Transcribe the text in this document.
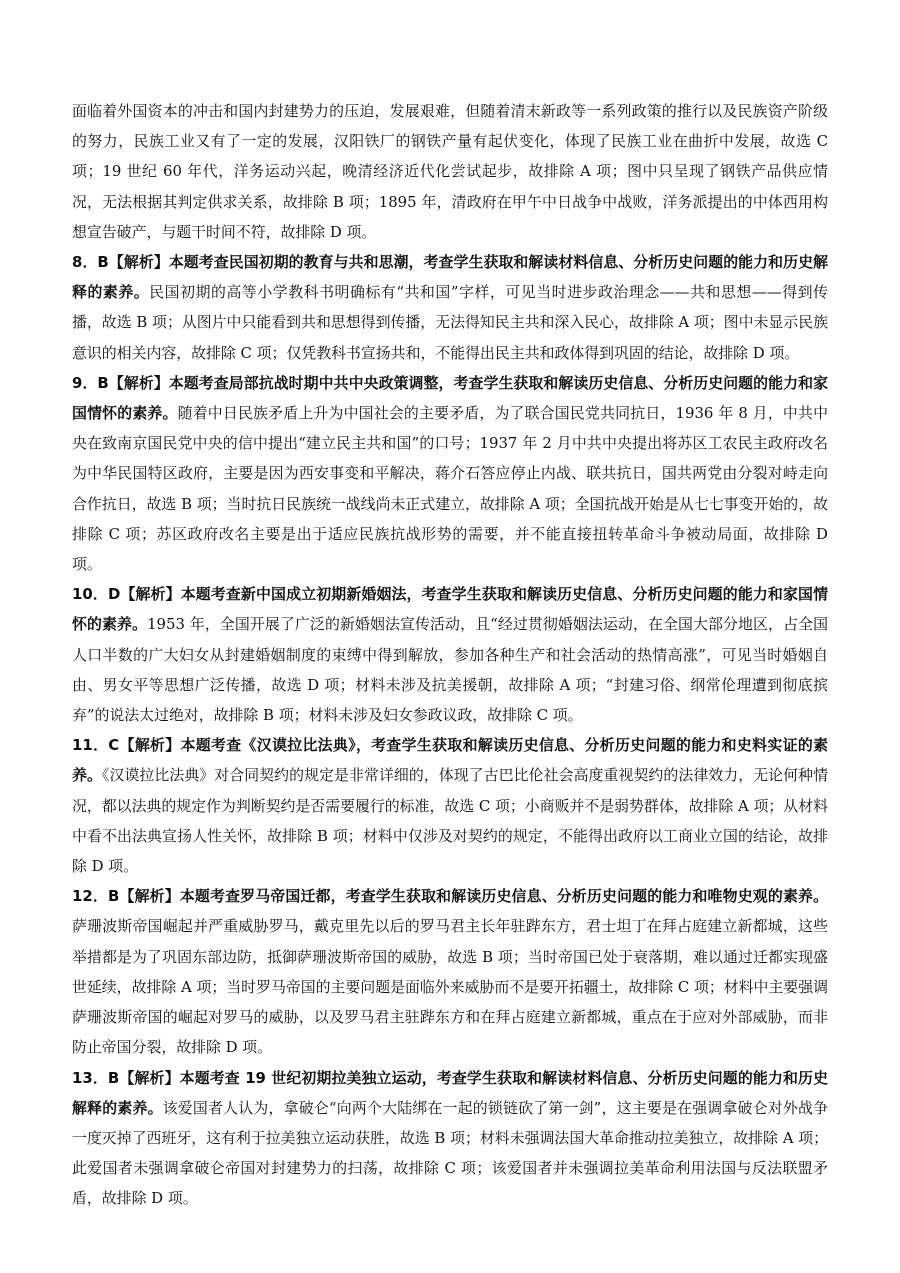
面临着外国资本的冲击和国内封建势力的压迫，发展艰难，但随着清末新政等一系列政策的推行以及民族资产阶级的努力，民族工业又有了一定的发展，汉阳铁厂的钢铁产量有起伏变化，体现了民族工业在曲折中发展，故选 C 项；19 世纪 60 年代，洋务运动兴起，晚清经济近代化尝试起步，故排除 A 项；图中只呈现了钢铁产品供应情况，无法根据其判定供求关系，故排除 B 项；1895 年，清政府在甲午中日战争中战败，洋务派提出的中体西用构想宣告破产，与题干时间不符，故排除 D 项。

8．B【解析】本题考查民国初期的教育与共和思潮，考查学生获取和解读材料信息、分析历史问题的能力和历史解释的素养。民国初期的高等小学教科书明确标有“共和国”字样，可见当时进步政治理念——共和思想——得到传播，故选 B 项；从图片中只能看到共和思想得到传播，无法得知民主共和深入民心，故排除 A 项；图中未显示民族意识的相关内容，故排除 C 项；仅凭教科书宣扬共和，不能得出民主共和政体得到巩固的结论，故排除 D 项。

9．B【解析】本题考查局部抗战时期中共中央政策调整，考查学生获取和解读历史信息、分析历史问题的能力和家国情怀的素养。随着中日民族矛盾上升为中国社会的主要矛盾，为了联合国民党共同抗日，1936 年 8 月，中共中央在致南京国民党中央的信中提出“建立民主共和国”的口号；1937 年 2 月中共中央提出将苏区工农民主政府改名为中华民国特区政府，主要是因为西安事变和平解决，蒋介石答应停止内战、联共抗日，国共两党由分裂对峙走向合作抗日，故选 B 项；当时抗日民族统一战线尚未正式建立，故排除 A 项；全国抗战开始是从七七事变开始的，故排除 C 项；苏区政府改名主要是出于适应民族抗战形势的需要，并不能直接扭转革命斗争被动局面，故排除 D 项。

10．D【解析】本题考查新中国成立初期新婚姻法，考查学生获取和解读历史信息、分析历史问题的能力和家国情怀的素养。1953 年，全国开展了广泛的新婚姻法宣传活动，且“经过贯彻婚姻法运动，在全国大部分地区，占全国人口半数的广大妇女从封建婚姻制度的束缚中得到解放，参加各种生产和社会活动的热情高涨”，可见当时婚姻自由、男女平等思想广泛传播，故选 D 项；材料未涉及抗美援朝，故排除 A 项；“封建习俗、纲常伦理遭到彻底摈弃”的说法太过绝对，故排除 B 项；材料未涉及妇女参政议政，故排除 C 项。

11．C【解析】本题考查《汉谟拉比法典》，考查学生获取和解读历史信息、分析历史问题的能力和史料实证的素养。《汉谟拉比法典》对合同契约的规定是非常详细的，体现了古巴比伦社会高度重视契约的法律效力，无论何种情况，都以法典的规定作为判断契约是否需要履行的标准，故选 C 项；小商贩并不是弱势群体，故排除 A 项；从材料中看不出法典宣扬人性关怀，故排除 B 项；材料中仅涉及对契约的规定，不能得出政府以工商业立国的结论，故排除 D 项。

12．B【解析】本题考查罗马帝国迁都，考查学生获取和解读历史信息、分析历史问题的能力和唯物史观的素养。萨珊波斯帝国崛起并严重威胁罗马，戴克里先以后的罗马君主长年驻跸东方，君士坦丁在拜占庭建立新都城，这些举措都是为了巩固东部边防，抵御萨珊波斯帝国的威胁，故选 B 项；当时帝国已处于衰落期，难以通过迁都实现盛世延续，故排除 A 项；当时罗马帝国的主要问题是面临外来威胁而不是要开拓疆土，故排除 C 项；材料中主要强调萨珊波斯帝国的崛起对罗马的威胁，以及罗马君主驻跸东方和在拜占庭建立新都城，重点在于应对外部威胁，而非防止帝国分裂，故排除 D 项。

13．B【解析】本题考查 19 世纪初期拉美独立运动，考查学生获取和解读材料信息、分析历史问题的能力和历史解释的素养。该爱国者人认为，拿破仑“向两个大陆绑在一起的锁链砍了第一剑”，这主要是在强调拿破仑对外战争一度灭掉了西班牙，这有利于拉美独立运动获胜，故选 B 项；材料未强调法国大革命推动拉美独立，故排除 A 项；此爱国者未强调拿破仑帝国对封建势力的扫荡，故排除 C 项；该爱国者并未强调拉美革命利用法国与反法联盟矛盾，故排除 D 项。
